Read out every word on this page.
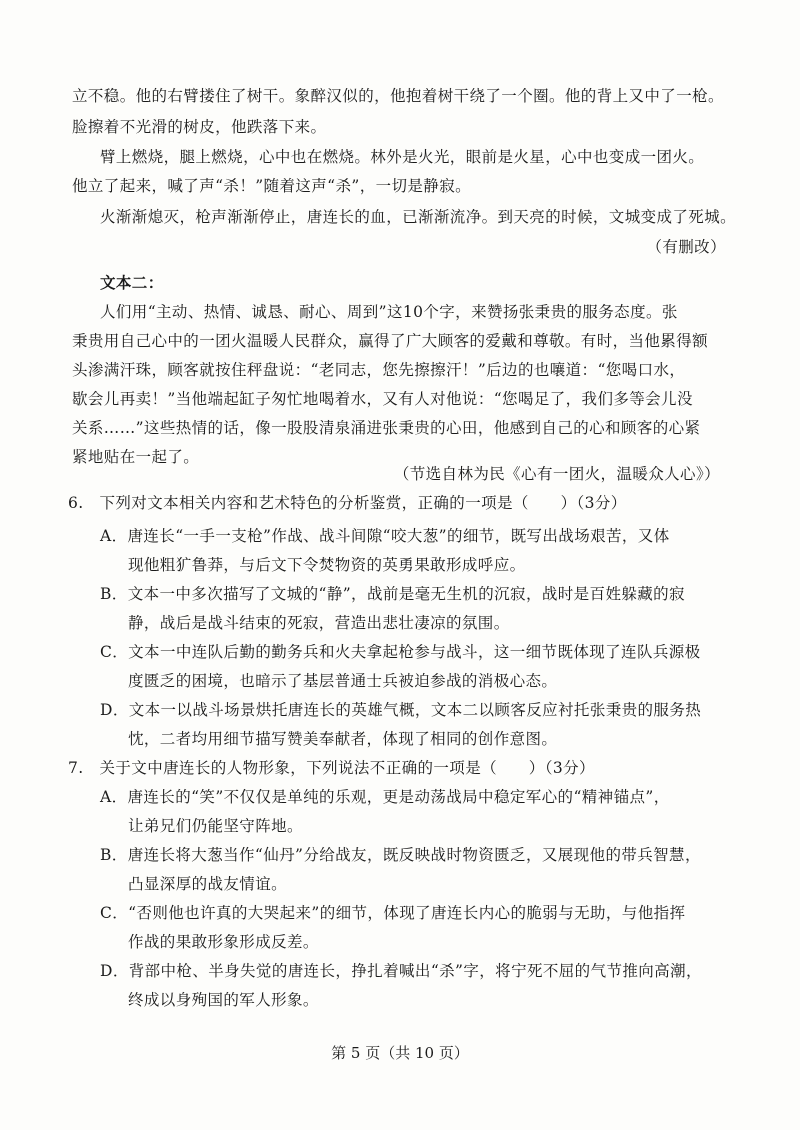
立不稳。他的右臂搂住了树干。象醉汉似的，他抱着树干绕了一个圈。他的背上又中了一枪。
脸擦着不光滑的树皮，他跌落下来。
臂上燃烧，腿上燃烧，心中也在燃烧。林外是火光，眼前是火星，心中也变成一团火。
他立了起来，喊了声“杀！”随着这声“杀”，一切是静寂。
火渐渐熄灭，枪声渐渐停止，唐连长的血，已渐渐流净。到天亮的时候，文城变成了死城。
（有删改）
文本二：
人们用“主动、热情、诚恳、耐心、周到”这10个字，来赞扬张秉贵的服务态度。张
秉贵用自己心中的一团火温暖人民群众，赢得了广大顾客的爱戴和尊敬。有时，当他累得额
头渗满汗珠，顾客就按住秤盘说：“老同志，您先擦擦汗！”后边的也嚷道：“您喝口水，
歇会儿再卖！”当他端起缸子匆忙地喝着水，又有人对他说：“您喝足了，我们多等会儿没
关系……”这些热情的话，像一股股清泉涌进张秉贵的心田，他感到自己的心和顾客的心紧
紧地贴在一起了。
（节选自林为民《心有一团火，温暖众人心》）
6.　下列对文本相关内容和艺术特色的分析鉴赏，正确的一项是（　　）（3分）
A．唐连长“一手一支枪”作战、战斗间隙“咬大葱”的细节，既写出战场艰苦，又体
现他粗犷鲁莽，与后文下令焚物资的英勇果敢形成呼应。
B．文本一中多次描写了文城的“静”，战前是毫无生机的沉寂，战时是百姓躲藏的寂
静，战后是战斗结束的死寂，营造出悲壮凄凉的氛围。
C．文本一中连队后勤的勤务兵和火夫拿起枪参与战斗，这一细节既体现了连队兵源极
度匮乏的困境，也暗示了基层普通士兵被迫参战的消极心态。
D．文本一以战斗场景烘托唐连长的英雄气概，文本二以顾客反应衬托张秉贵的服务热
忱，二者均用细节描写赞美奉献者，体现了相同的创作意图。
7.　关于文中唐连长的人物形象，下列说法不正确的一项是（　　）（3分）
A．唐连长的“笑”不仅仅是单纯的乐观，更是动荡战局中稳定军心的“精神锚点”，
让弟兄们仍能坚守阵地。
B．唐连长将大葱当作“仙丹”分给战友，既反映战时物资匮乏，又展现他的带兵智慧，
凸显深厚的战友情谊。
C．“否则他也许真的大哭起来”的细节，体现了唐连长内心的脆弱与无助，与他指挥
作战的果敢形象形成反差。
D．背部中枪、半身失觉的唐连长，挣扎着喊出“杀”字，将宁死不屈的气节推向高潮，
终成以身殉国的军人形象。
第 5 页（共 10 页）
